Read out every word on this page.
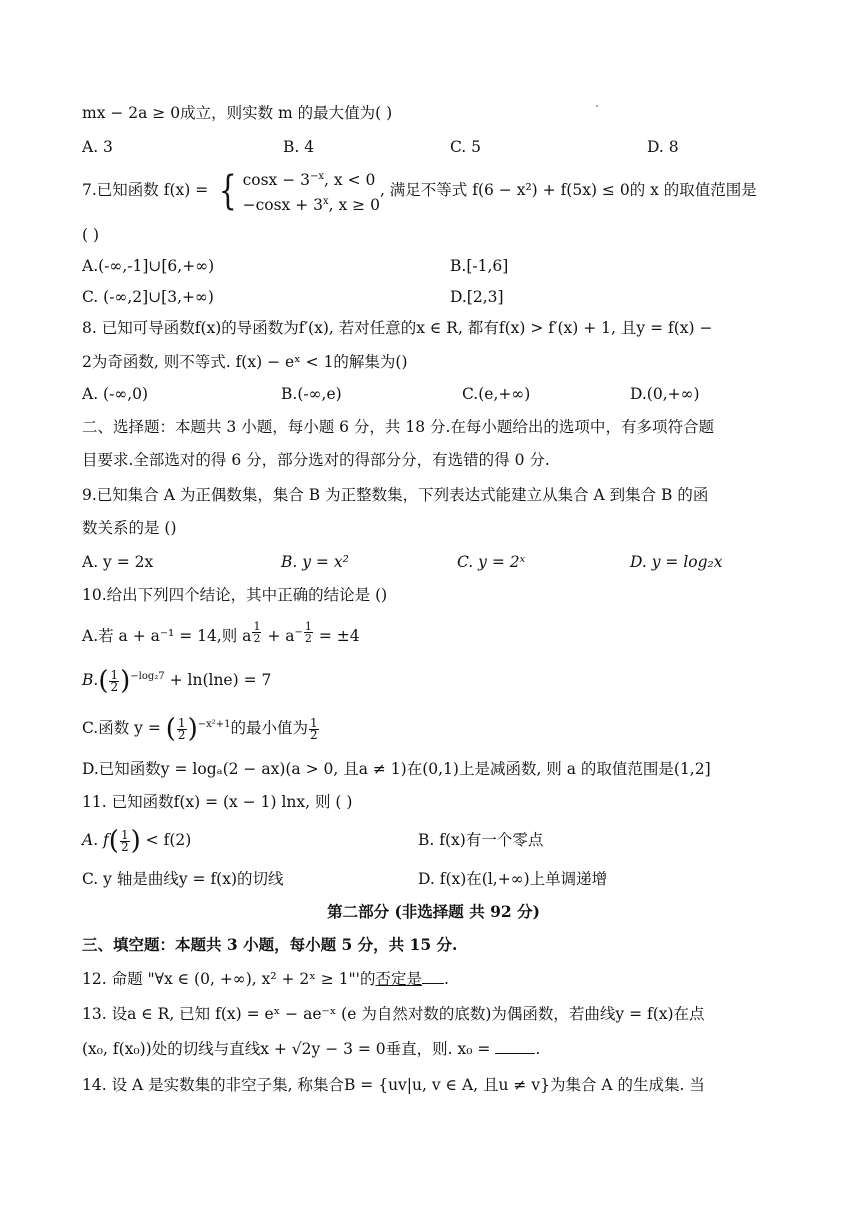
mx − 2a ≥ 0成立，则实数 m 的最大值为( )
A. 3	B. 4	C. 5	D. 8
7.已知函数 f(x) = { $\cos x - 3^{-x}$, x < 0
$-\cos x + 3^x$, x ≥ 0
, 满足不等式 f(6 − x²) + f(5x) ≤ 0的 x 的取值范围是
( )
A.(-∞,-1]∪[6,+∞)	B.[-1,6]
C. (-∞,2]∪[3,+∞)	D.[2,3]
8. 已知可导函数f(x)的导函数为f′(x), 若对任意的x ∈ R, 都有f(x) > f′(x) + 1, 且y = f(x) −
2为奇函数, 则不等式. f(x) − eˣ < 1的解集为()
A. (-∞,0)	B.(-∞,e)	C.(e,+∞)	D.(0,+∞)
二、选择题：本题共 3 小题，每小题 6 分，共 18 分.在每小题给出的选项中，有多项符合题
目要求.全部选对的得 6 分，部分选对的得部分分，有选错的得 0 分.
9.已知集合 A 为正偶数集，集合 B 为正整数集，下列表达式能建立从集合 A 到集合 B 的函
数关系的是 ()
A. y = 2x	B. y = x²	C. y = 2ˣ	D. y = log₂x
10.给出下列四个结论，其中正确的结论是 ()
A.若 a + a⁻¹ = 14,则 a $^{\frac{1}{2}} + a^{- \frac{1}{2}} = \pm 4$
$B.( \frac{1}{2} )^{-log_27} + \ln(\ln e) = 7$
C.函数 y = ( $\frac{1}{2} )^{-x^2+1}$的最小值为 $\frac{1}{2}$
D.已知函数y = logₐ(2 − ax)(a > 0, 且a ≠ 1)在(0,1)上是减函数, 则 a 的取值范围是(1,2]
11. 已知函数f(x) = (x − 1) lnx, 则 ( )
A. $f( \frac{1}{2}$ ) < f(2)	B. f(x)有一个零点
C. y 轴是曲线y = f(x)的切线	D. f(x)在(l,+∞)上单调递增
第二部分 (非选择题 共 92 分)
三、填空题：本题共 3 小题，每小题 5 分，共 15 分.
12. 命题 "∀x ∈ (0, +∞), x² + 2ˣ ≥ 1"'的否定是 .
13. 设a ∈ R, 已知 f(x) = eˣ − ae⁻ˣ (e 为自然对数的底数)为偶函数，若曲线y = f(x)在点
(x₀, f(x₀))处的切线与直线x + √2y − 3 = 0垂直，则. x₀ =	.
14. 设 A 是实数集的非空子集, 称集合B = {uv|u, v ∈ A, 且u ≠ v}为集合 A 的生成集. 当
